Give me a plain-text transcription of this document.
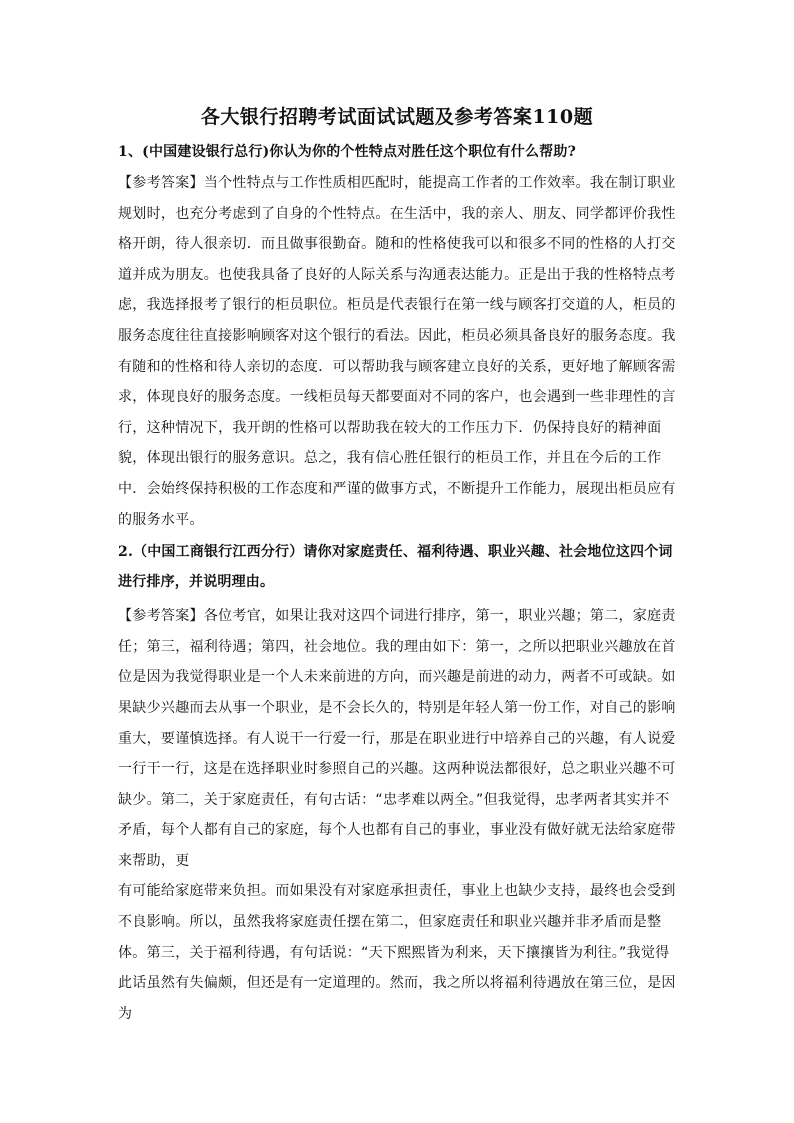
各大银行招聘考试面试试题及参考答案110题

1、(中国建设银行总行)你认为你的个性特点对胜任这个职位有什么帮助?

【参考答案】当个性特点与工作性质相匹配时，能提高工作者的工作效率。我在制订职业规划时，也充分考虑到了自身的个性特点。在生活中，我的亲人、朋友、同学都评价我性格开朗，待人很亲切．而且做事很勤奋。随和的性格使我可以和很多不同的性格的人打交道并成为朋友。也使我具备了良好的人际关系与沟通表达能力。正是出于我的性格特点考虑，我选择报考了银行的柜员职位。柜员是代表银行在第一线与顾客打交道的人，柜员的服务态度往往直接影响顾客对这个银行的看法。因此，柜员必须具备良好的服务态度。我有随和的性格和待人亲切的态度．可以帮助我与顾客建立良好的关系，更好地了解顾客需求，体现良好的服务态度。一线柜员每天都要面对不同的客户，也会遇到一些非理性的言行，这种情况下，我开朗的性格可以帮助我在较大的工作压力下．仍保持良好的精神面貌，体现出银行的服务意识。总之，我有信心胜任银行的柜员工作，并且在今后的工作中．会始终保持积极的工作态度和严谨的做事方式，不断提升工作能力，展现出柜员应有的服务水平。

2.（中国工商银行江西分行）请你对家庭责任、福利待遇、职业兴趣、社会地位这四个词进行排序，并说明理由。

【参考答案】各位考官，如果让我对这四个词进行排序，第一，职业兴趣；第二，家庭责任；第三，福利待遇；第四，社会地位。我的理由如下：第一，之所以把职业兴趣放在首位是因为我觉得职业是一个人未来前进的方向，而兴趣是前进的动力，两者不可或缺。如果缺少兴趣而去从事一个职业，是不会长久的，特别是年轻人第一份工作，对自己的影响重大，要谨慎选择。有人说干一行爱一行，那是在职业进行中培养自己的兴趣，有人说爱一行干一行，这是在选择职业时参照自己的兴趣。这两种说法都很好，总之职业兴趣不可缺少。第二，关于家庭责任，有句古话：“忠孝难以两全。”但我觉得，忠孝两者其实并不矛盾，每个人都有自己的家庭，每个人也都有自己的事业，事业没有做好就无法给家庭带来帮助，更

有可能给家庭带来负担。而如果没有对家庭承担责任，事业上也缺少支持，最终也会受到不良影响。所以，虽然我将家庭责任摆在第二，但家庭责任和职业兴趣并非矛盾而是整体。第三，关于福利待遇，有句话说：“天下熙熙皆为利来，天下攘攘皆为利往。”我觉得此话虽然有失偏颇，但还是有一定道理的。然而，我之所以将福利待遇放在第三位，是因为
